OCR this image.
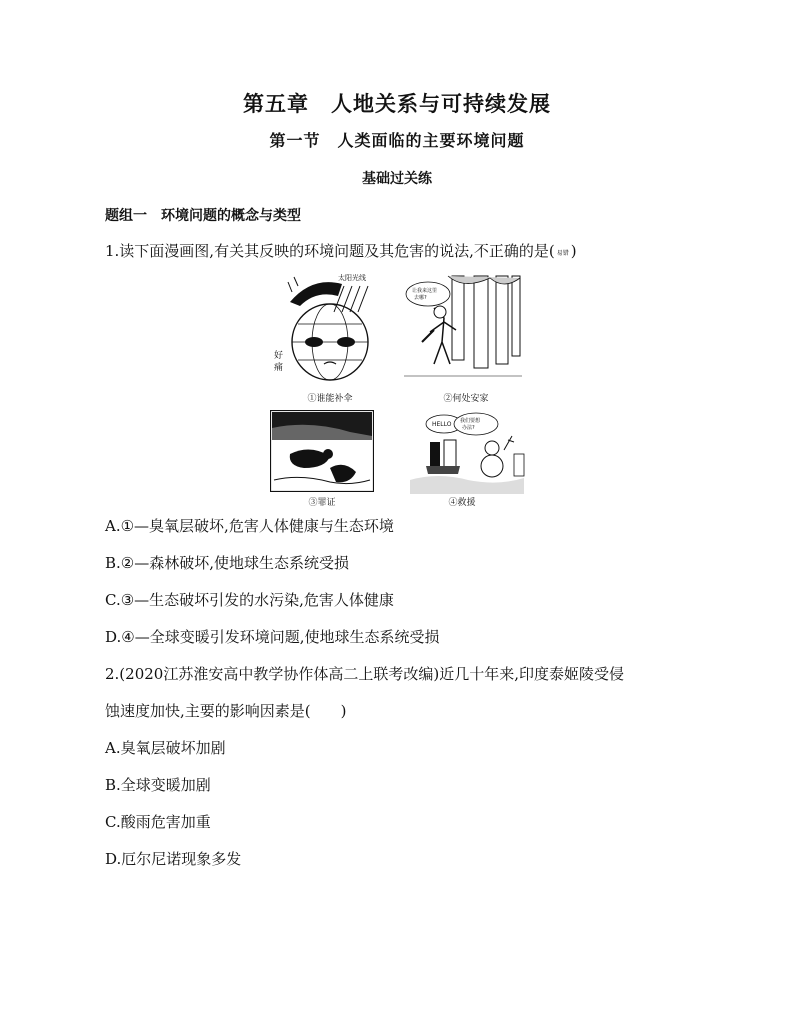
第五章　人地关系与可持续发展
第一节　人类面临的主要环境问题
基础过关练
题组一　环境问题的概念与类型
1.读下面漫画图,有关其反映的环境问题及其危害的说法,不正确的是( 易错 )
太阳光线
好
痛
①谁能补伞
让我来这里
去哪?
②何处安家
③罪证
HELLO 我们要想
办法?
④救援
A.①—臭氧层破坏,危害人体健康与生态环境
B.②—森林破坏,使地球生态系统受损
C.③—生态破坏引发的水污染,危害人体健康
D.④—全球变暖引发环境问题,使地球生态系统受损
2.(2020江苏淮安高中教学协作体高二上联考改编)近几十年来,印度泰姬陵受侵
蚀速度加快,主要的影响因素是(　　)
A.臭氧层破坏加剧
B.全球变暖加剧
C.酸雨危害加重
D.厄尔尼诺现象多发
